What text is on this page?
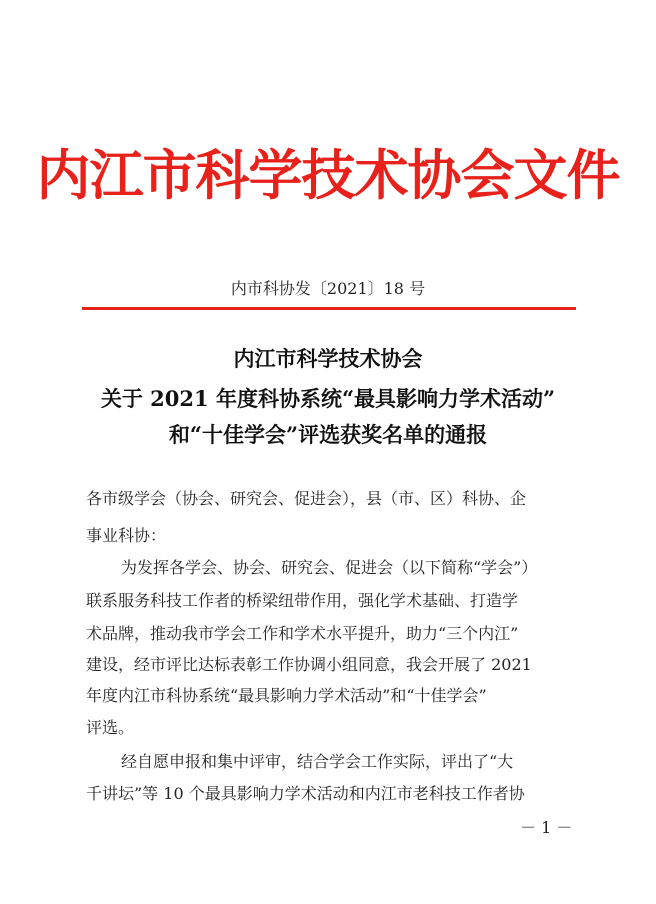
内江市科学技术协会文件
内市科协发〔2021〕18 号
内江市科学技术协会
关于 2021 年度科协系统“最具影响力学术活动”
和“十佳学会”评选获奖名单的通报
各市级学会（协会、研究会、促进会），县（市、区）科协、企
事业科协：
为发挥各学会、协会、研究会、促进会（以下简称“学会”）
联系服务科技工作者的桥梁纽带作用，强化学术基础、打造学
术品牌，推动我市学会工作和学术水平提升，助力“三个内江”
建设，经市评比达标表彰工作协调小组同意，我会开展了 2021
年度内江市科协系统“最具影响力学术活动”和“十佳学会”
评选。
经自愿申报和集中评审，结合学会工作实际，评出了“大
千讲坛”等 10 个最具影响力学术活动和内江市老科技工作者协
－ 1 －
